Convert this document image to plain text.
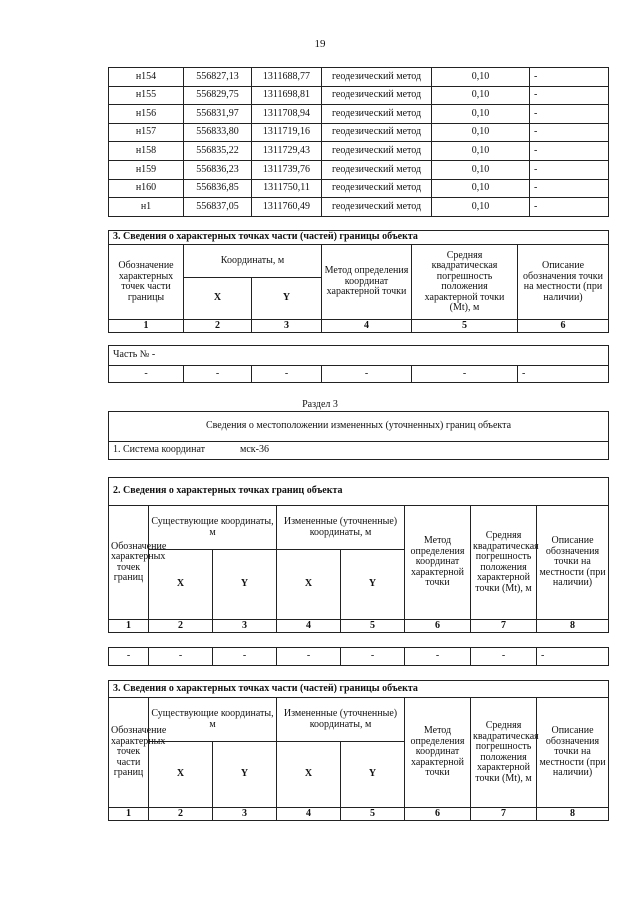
19
н154	556827,13	1311688,77	геодезический метод	0,10	-
н155	556829,75	1311698,81	геодезический метод	0,10	-
н156	556831,97	1311708,94	геодезический метод	0,10	-
н157	556833,80	1311719,16	геодезический метод	0,10	-
н158	556835,22	1311729,43	геодезический метод	0,10	-
н159	556836,23	1311739,76	геодезический метод	0,10	-
н160	556836,85	1311750,11	геодезический метод	0,10	-
н1	556837,05	1311760,49	геодезический метод	0,10	-
3. Сведения о характерных точках части (частей) границы объекта					
Обозначение характерных точек части границы	Координаты, м		Метод определения координат характерной точки	Средняя квадратическая погрешность положения характерной точки (Mt), м	Описание обозначения точки на местности (при наличии)
	X	Y			
1	2	3	4	5	6
Часть № -
-	-	-	-	-	-
Раздел 3
Сведения о местоположении измененных (уточненных) границ объекта
1. Система координат	мск-36
2. Сведения о характерных точках границ объекта							
Обозначение характерных точек границ	Существующие координаты, м		Измененные (уточненные) координаты, м		Метод определения координат характерной точки	Средняя квадратическая погрешность положения характерной точки (Mt), м	Описание обозначения точки на местности (при наличии)
	X	Y	X	Y			
1	2	3	4	5	6	7	8
-	-	-	-	-	-	-	-
3. Сведения о характерных точках части (частей) границы объекта							
Обозначение характерных точек части границ	Существующие координаты, м		Измененные (уточненные) координаты, м		Метод определения координат характерной точки	Средняя квадратическая погрешность положения характерной точки (Mt), м	Описание обозначения точки на местности (при наличии)
	X	Y	X	Y			
1	2	3	4	5	6	7	8
